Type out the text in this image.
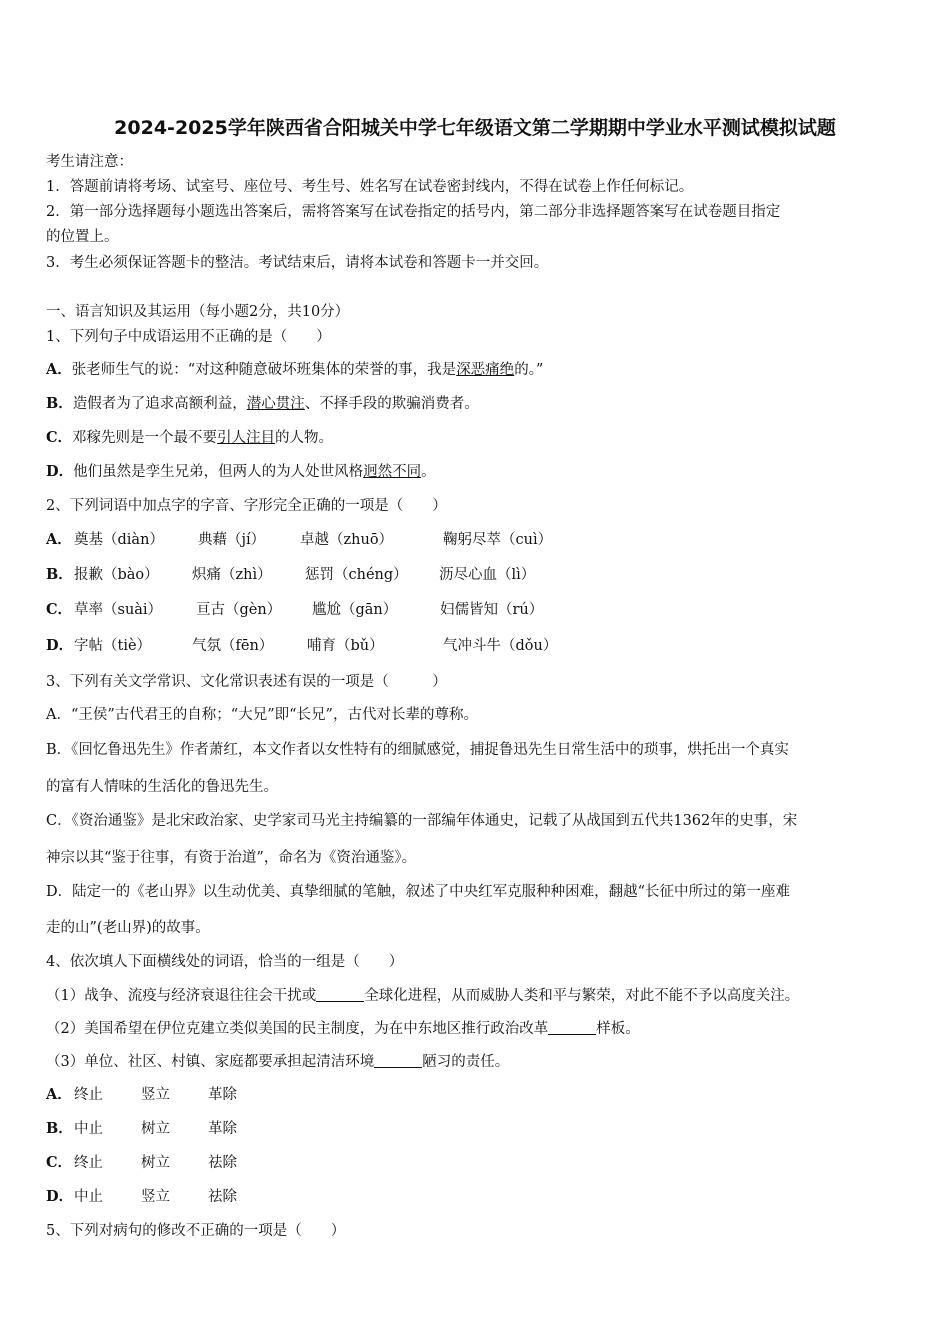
2024-2025学年陕西省合阳城关中学七年级语文第二学期期中学业水平测试模拟试题
考生请注意：
1．答题前请将考场、试室号、座位号、考生号、姓名写在试卷密封线内，不得在试卷上作任何标记。
2．第一部分选择题每小题选出答案后，需将答案写在试卷指定的括号内，第二部分非选择题答案写在试卷题目指定
的位置上。
3．考生必须保证答题卡的整洁。考试结束后，请将本试卷和答题卡一并交回。
一、语言知识及其运用（每小题2分，共10分）
1、下列句子中成语运用不正确的是（　　）
A．张老师生气的说：“对这种随意破坏班集体的荣誉的事，我是深恶痛绝的。”
B．造假者为了追求高额利益，潜心贯注、不择手段的欺骗消费者。
C．邓稼先则是一个最不要引人注目的人物。
D．他们虽然是孪生兄弟，但两人的为人处世风格迥然不同。
2、下列词语中加点字的字音、字形完全正确的一项是（　　）
A． 奠基（diàn） 典藉（jí） 卓越（zhuō）	鞠躬尽萃（cuì）
B．报歉（bào） 炽痛（zhì） 惩罚（chéng） 沥尽心血（lì）
C． 草率（suài） 亘古（gèn） 尴尬（gān）	妇儒皆知（rú）
D．字帖（tiè）	气氛（fēn） 哺育（bǔ）	气冲斗牛（dǒu）
3、下列有关文学常识、文化常识表述有误的一项是（　　　）
A．“王侯”古代君王的自称；“大兄”即“长兄”，古代对长辈的尊称。
B．《回忆鲁迅先生》作者萧红，本文作者以女性特有的细腻感觉，捕捉鲁迅先生日常生活中的琐事，烘托出一个真实
的富有人情味的生活化的鲁迅先生。
C．《资治通鉴》是北宋政治家、史学家司马光主持编纂的一部编年体通史，记载了从战国到五代共1362年的史事，宋
神宗以其“鉴于往事，有资于治道”，命名为《资治通鉴》。
D．陆定一的《老山界》以生动优美、真挚细腻的笔触，叙述了中央红军克服种种困难，翻越“长征中所过的第一座难
走的山”(老山界)的故事。
4、依次填人下面横线处的词语，恰当的一组是（　　）
（1）战争、流疫与经济衰退往往会干扰或	全球化进程，从而威胁人类和平与繁荣，对此不能不予以高度关注。
（2）美国希望在伊位克建立类似美国的民主制度，为在中东地区推行政治改革	样板。
（3）单位、社区、村镇、家庭都要承担起清洁环境	陋习的责任。
A． 终止	竖立	革除
B．中止	树立	革除
C． 终止	树立	祛除
D．中止	竖立	祛除
5、下列对病句的修改不正确的一项是（　　）
